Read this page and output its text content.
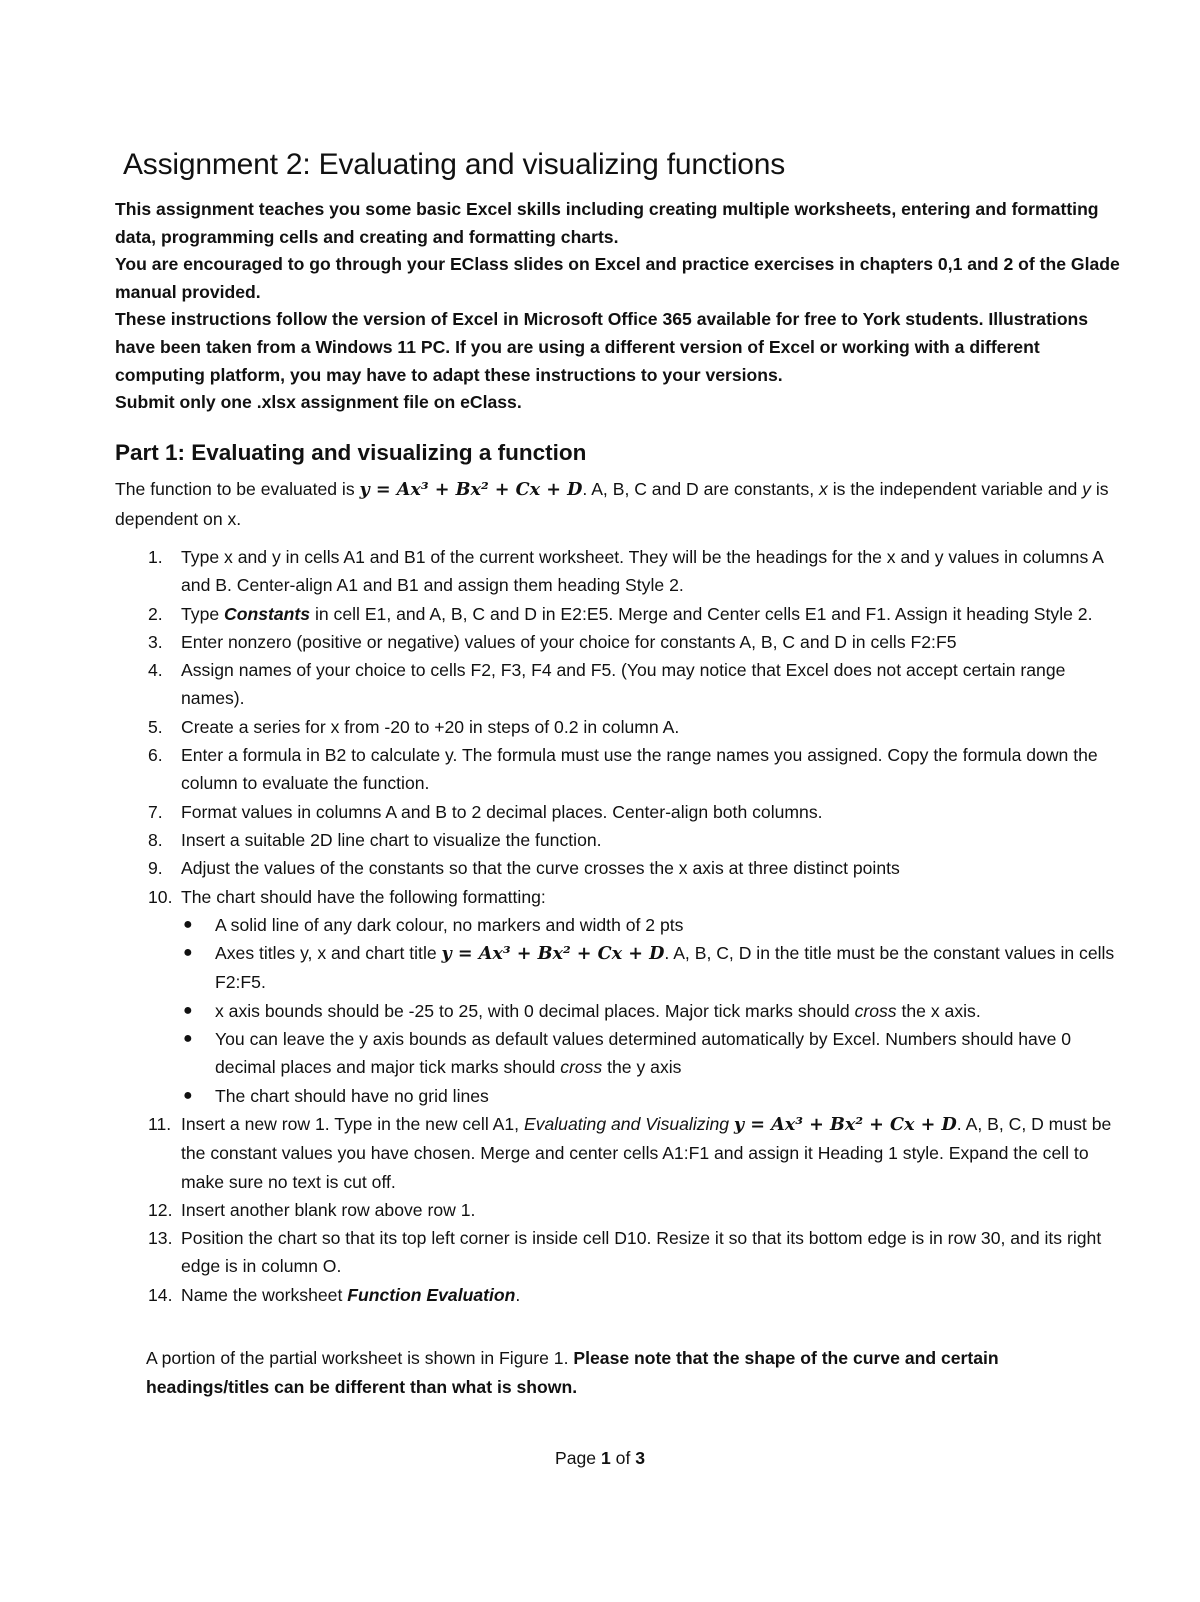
Assignment 2: Evaluating and visualizing functions

This assignment teaches you some basic Excel skills including creating multiple worksheets, entering and formatting data, programming cells and creating and formatting charts.

You are encouraged to go through your EClass slides on Excel and practice exercises in chapters 0,1 and 2 of the Glade manual provided.

These instructions follow the version of Excel in Microsoft Office 365 available for free to York students. Illustrations have been taken from a Windows 11 PC. If you are using a different version of Excel or working with a different computing platform, you may have to adapt these instructions to your versions.

Submit only one .xlsx assignment file on eClass.

Part 1: Evaluating and visualizing a function

The function to be evaluated is y = Ax³ + Bx² + Cx + D. A, B, C and D are constants, x is the independent variable and y is dependent on x.

1. Type x and y in cells A1 and B1 of the current worksheet. They will be the headings for the x and y values in columns A and B. Center-align A1 and B1 and assign them heading Style 2.
2. Type Constants in cell E1, and A, B, C and D in E2:E5. Merge and Center cells E1 and F1. Assign it heading Style 2.
3. Enter nonzero (positive or negative) values of your choice for constants A, B, C and D in cells F2:F5
4. Assign names of your choice to cells F2, F3, F4 and F5. (You may notice that Excel does not accept certain range names).
5. Create a series for x from -20 to +20 in steps of 0.2 in column A.
6. Enter a formula in B2 to calculate y. The formula must use the range names you assigned. Copy the formula down the column to evaluate the function.
7. Format values in columns A and B to 2 decimal places. Center-align both columns.
8. Insert a suitable 2D line chart to visualize the function.
9. Adjust the values of the constants so that the curve crosses the x axis at three distinct points
10. The chart should have the following formatting:
● A solid line of any dark colour, no markers and width of 2 pts
● Axes titles y, x and chart title y = Ax³ + Bx² + Cx + D. A, B, C, D in the title must be the constant values in cells F2:F5.
● x axis bounds should be -25 to 25, with 0 decimal places. Major tick marks should cross the x axis.
● You can leave the y axis bounds as default values determined automatically by Excel. Numbers should have 0 decimal places and major tick marks should cross the y axis
● The chart should have no grid lines
11. Insert a new row 1. Type in the new cell A1, Evaluating and Visualizing y = Ax³ + Bx² + Cx + D. A, B, C, D must be the constant values you have chosen. Merge and center cells A1:F1 and assign it Heading 1 style. Expand the cell to make sure no text is cut off.
12. Insert another blank row above row 1.
13. Position the chart so that its top left corner is inside cell D10. Resize it so that its bottom edge is in row 30, and its right edge is in column O.
14. Name the worksheet Function Evaluation.

A portion of the partial worksheet is shown in Figure 1. Please note that the shape of the curve and certain headings/titles can be different than what is shown.

Page 1 of 3
